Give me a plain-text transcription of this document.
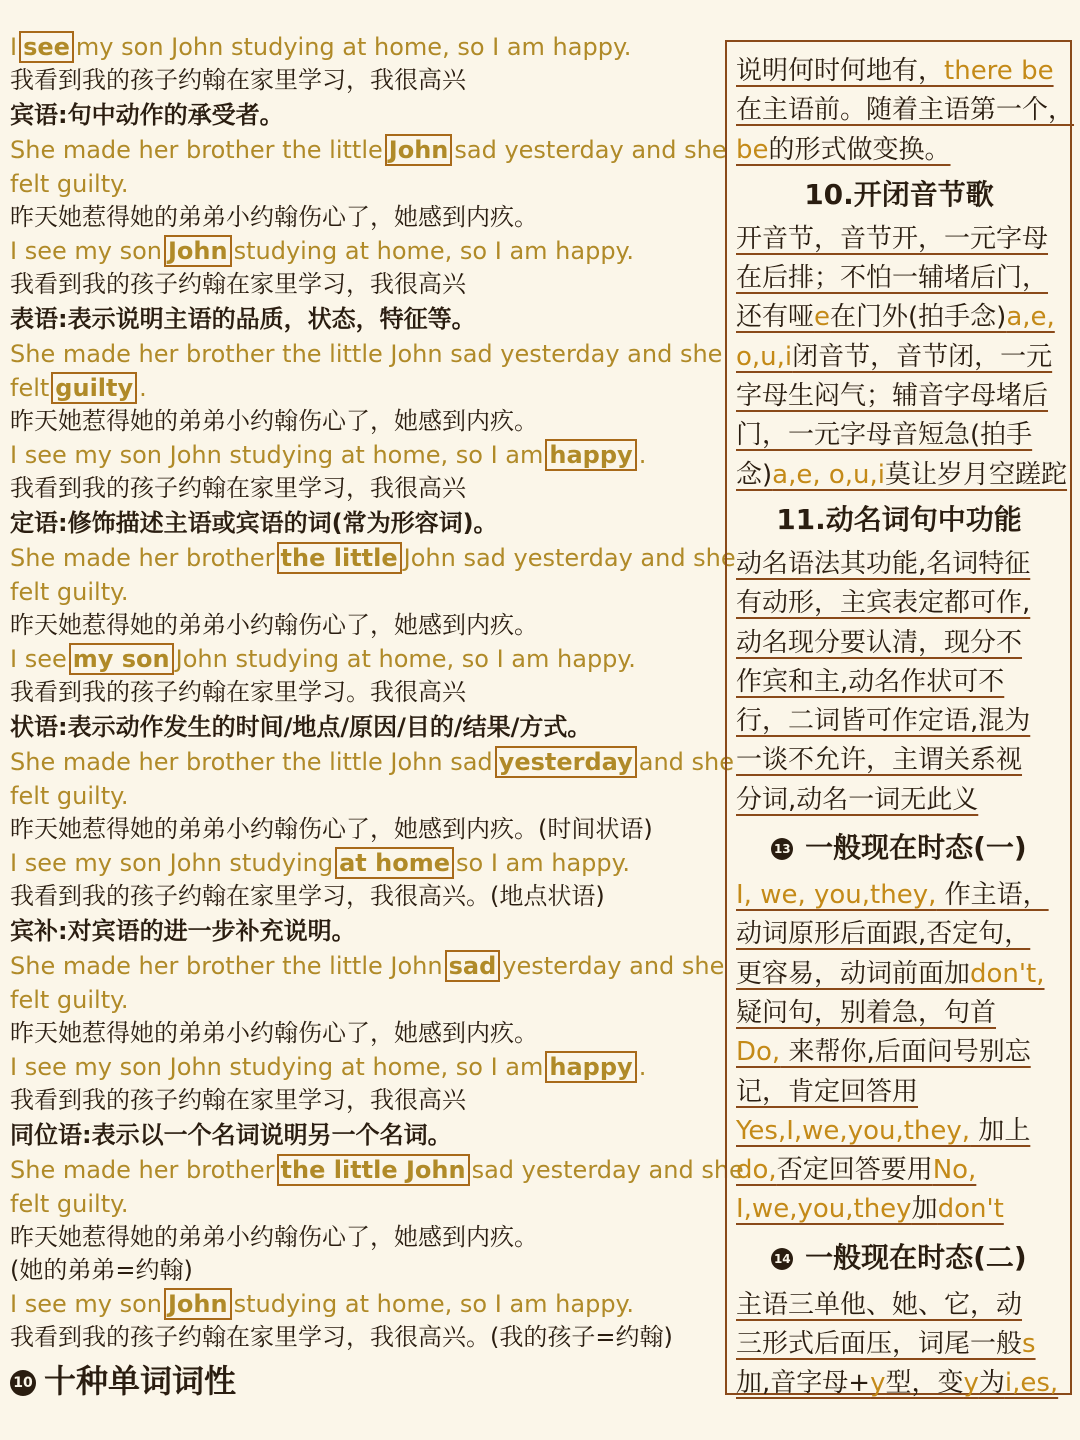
I see my son John studying at home, so I am happy.
我看到我的孩子约翰在家里学习，我很高兴
宾语:句中动作的承受者。
She made her brother the little John sad yesterday and she
felt guilty.
昨天她惹得她的弟弟小约翰伤心了，她感到内疚。
I see my son John studying at home, so I am happy.
我看到我的孩子约翰在家里学习，我很高兴
表语:表示说明主语的品质，状态，特征等。
She made her brother the little John sad yesterday and she
felt guilty .
昨天她惹得她的弟弟小约翰伤心了，她感到内疚。
I see my son John studying at home, so I am happy .
我看到我的孩子约翰在家里学习，我很高兴
定语:修饰描述主语或宾语的词(常为形容词)。
She made her brother the little John sad yesterday and she
felt guilty.
昨天她惹得她的弟弟小约翰伤心了，她感到内疚。
I see my son John studying at home, so I am happy.
我看到我的孩子约翰在家里学习。我很高兴
状语:表示动作发生的时间/地点/原因/目的/结果/方式。
She made her brother the little John sad yesterday and she
felt guilty.
昨天她惹得她的弟弟小约翰伤心了，她感到内疚。(时间状语)
I see my son John studying at home so I am happy.
我看到我的孩子约翰在家里学习，我很高兴。(地点状语)
宾补:对宾语的进一步补充说明。
She made her brother the little John sad yesterday and she
felt guilty.
昨天她惹得她的弟弟小约翰伤心了，她感到内疚。
I see my son John studying at home, so I am happy .
我看到我的孩子约翰在家里学习，我很高兴
同位语:表示以一个名词说明另一个名词。
She made her brother the little John sad yesterday and she
felt guilty.
昨天她惹得她的弟弟小约翰伤心了，她感到内疚。
(她的弟弟=约翰)
I see my son John studying at home, so I am happy.
我看到我的孩子约翰在家里学习，我很高兴。(我的孩子=约翰)
10 十种单词词性
说明何时何地有，there be
在主语前。随着主语第一个，
be的形式做变换。
10.开闭音节歌
开音节，音节开，一元字母
在后排；不怕一辅堵后门，
还有哑e在门外(拍手念)a,e,
o,u,i闭音节，音节闭，一元
字母生闷气；辅音字母堵后
门，一元字母音短急(拍手
念)a,e, o,u,i莫让岁月空蹉跎
11.动名词句中功能
动名语法其功能,名词特征
有动形，主宾表定都可作,
动名现分要认清，现分不
作宾和主,动名作状可不
行，二词皆可作定语,混为
一谈不允许，主谓关系视
分词,动名一词无此义
13 一般现在时态(一)
I, we, you,they, 作主语，
动词原形后面跟,否定句，
更容易，动词前面加don't,
疑问句，别着急，句首
Do, 来帮你,后面问号别忘
记，肯定回答用
Yes,I,we,you,they, 加上
do,否定回答要用No,
I,we,you,they加don't
14 一般现在时态(二)
主语三单他、她、它，动
三形式后面压，词尾一般s
加,音字母+y型，变y为i,es,
